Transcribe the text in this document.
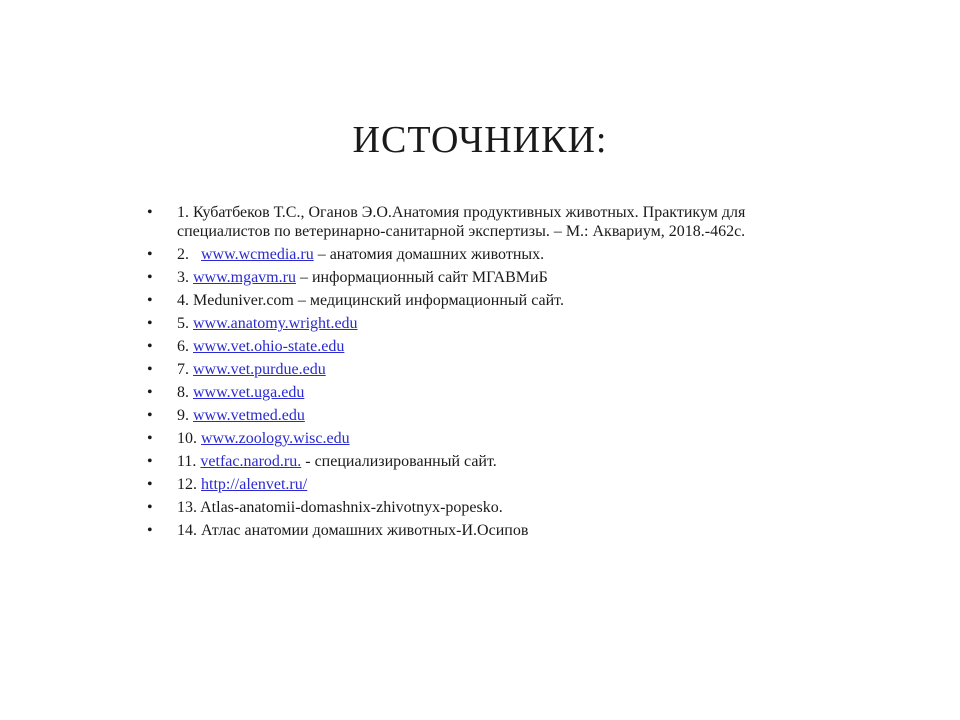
ИСТОЧНИКИ:
• 1. Кубатбеков Т.С., Оганов Э.О.Анатомия продуктивных животных. Практикум для специалистов по ветеринарно-санитарной экспертизы. – М.: Аквариум, 2018.-462с.
• 2. www.wcmedia.ru – анатомия домашних животных.
• 3. www.mgavm.ru – информационный сайт МГАВМиБ
• 4. Meduniver.com – медицинский информационный сайт.
• 5. www.anatomy.wright.edu
• 6. www.vet.ohio-state.edu
• 7. www.vet.purdue.edu
• 8. www.vet.uga.edu
• 9. www.vetmed.edu
• 10. www.zoology.wisc.edu
• 11. vetfac.narod.ru. - специализированный сайт.
• 12. http://alenvet.ru/
• 13. Atlas-anatomii-domashnix-zhivotnyx-popesko.
• 14. Атлас анатомии домашних животных-И.Осипов
